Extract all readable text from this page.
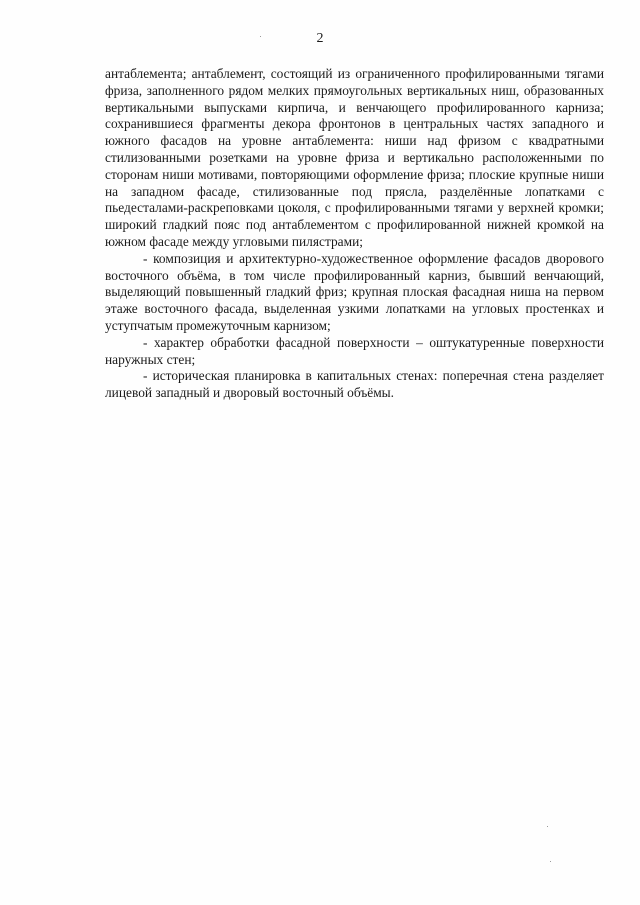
2

антаблемента; антаблемент, состоящий из ограниченного профилированными тягами фриза, заполненного рядом мелких прямоугольных вертикальных ниш, образованных вертикальными выпусками кирпича, и венчающего профилированного карниза; сохранившиеся фрагменты декора фронтонов в центральных частях западного и южного фасадов на уровне антаблемента: ниши над фризом с квадратными стилизованными розетками на уровне фриза и вертикально расположенными по сторонам ниши мотивами, повторяющими оформление фриза; плоские крупные ниши на западном фасаде, стилизованные под прясла, разделённые лопатками с пьедесталами-раскреповками цоколя, с профилированными тягами у верхней кромки; широкий гладкий пояс под антаблементом с профилированной нижней кромкой на южном фасаде между угловыми пилястрами;

- композиция и архитектурно-художественное оформление фасадов дворового восточного объёма, в том числе профилированный карниз, бывший венчающий, выделяющий повышенный гладкий фриз; крупная плоская фасадная ниша на первом этаже восточного фасада, выделенная узкими лопатками на угловых простенках и уступчатым промежуточным карнизом;

- характер обработки фасадной поверхности – оштукатуренные поверхности наружных стен;

- историческая планировка в капитальных стенах: поперечная стена разделяет лицевой западный и дворовый восточный объёмы.
